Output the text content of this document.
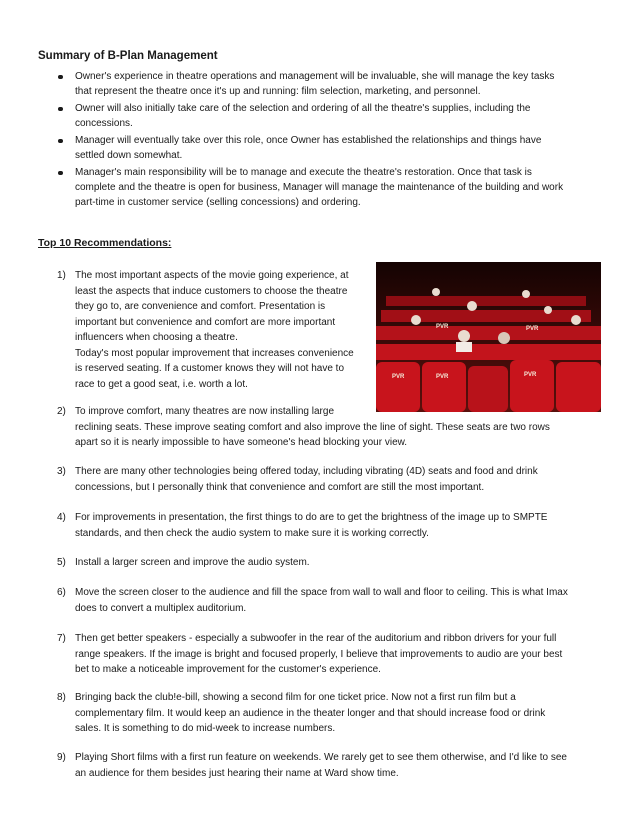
Summary of B-Plan Management
Owner's experience in theatre operations and management will be invaluable, she will manage the key tasks
that represent the theatre once it's up and running: film selection, marketing, and personnel.
Owner will also initially take care of the selection and ordering of all the theatre's supplies, including the
concessions.
Manager will eventually take over this role, once Owner has established the relationships and things have
settled down somewhat.
Manager's main responsibility will be to manage and execute the theatre's restoration. Once that task is
complete and the theatre is open for business, Manager will manage the maintenance of the building and work
part-time in customer service (selling concessions) and ordering.
Top 10 Recommendations:
1) The most important aspects of the movie going experience, at
least the aspects that induce customers to choose the theatre
they go to, are convenience and comfort. Presentation is
important but convenience and comfort are more important
influencers when choosing a theatre.
Today's most popular improvement that increases convenience
is reserved seating. If a customer knows they will not have to
race to get a good seat, i.e. worth a lot.
PVR	PVR
PVR	PVR	PVR
2) To improve comfort, many theatres are now installing large
reclining seats. These improve seating comfort and also improve the line of sight. These seats are two rows
apart so it is nearly impossible to have someone's head blocking your view.
3) There are many other technologies being offered today, including vibrating (4D) seats and food and drink
concessions, but I personally think that convenience and comfort are still the most important.
4) For improvements in presentation, the first things to do are to get the brightness of the image up to SMPTE
standards, and then check the audio system to make sure it is working correctly.
5) Install a larger screen and improve the audio system.
6) Move the screen closer to the audience and fill the space from wall to wall and floor to ceiling. This is what Imax
does to convert a multiplex auditorium.
7) Then get better speakers - especially a subwoofer in the rear of the auditorium and ribbon drivers for your full
range speakers. If the image is bright and focused properly, I believe that improvements to audio are your best
bet to make a noticeable improvement for the customer's experience.
8) Bringing back the club!e-bill, showing a second film for one ticket price. Now not a first run film but a
complementary film. It would keep an audience in the theater longer and that should increase food or drink
sales. It is something to do mid-week to increase numbers.
9) Playing Short films with a first run feature on weekends. We rarely get to see them otherwise, and I'd like to see
an audience for them besides just hearing their name at Ward show time.
